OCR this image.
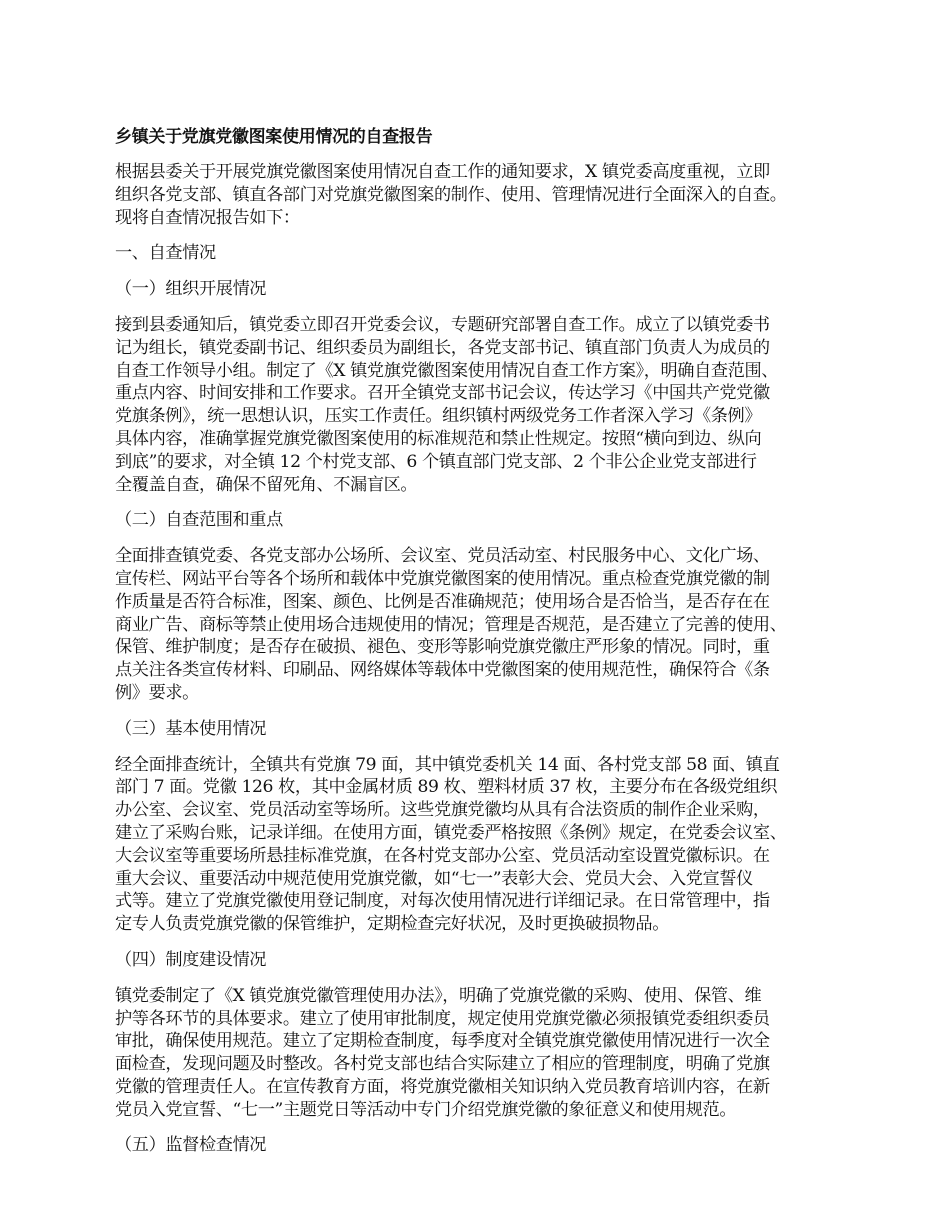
乡镇关于党旗党徽图案使用情况的自查报告
根据县委关于开展党旗党徽图案使用情况自查工作的通知要求，X 镇党委高度重视，立即
组织各党支部、镇直各部门对党旗党徽图案的制作、使用、管理情况进行全面深入的自查。
现将自查情况报告如下：
一、自查情况
（一）组织开展情况
接到县委通知后，镇党委立即召开党委会议，专题研究部署自查工作。成立了以镇党委书
记为组长，镇党委副书记、组织委员为副组长，各党支部书记、镇直部门负责人为成员的
自查工作领导小组。制定了《X 镇党旗党徽图案使用情况自查工作方案》，明确自查范围、
重点内容、时间安排和工作要求。召开全镇党支部书记会议，传达学习《中国共产党党徽
党旗条例》，统一思想认识，压实工作责任。组织镇村两级党务工作者深入学习《条例》
具体内容，准确掌握党旗党徽图案使用的标准规范和禁止性规定。按照“横向到边、纵向
到底”的要求，对全镇 12 个村党支部、6 个镇直部门党支部、2 个非公企业党支部进行
全覆盖自查，确保不留死角、不漏盲区。
（二）自查范围和重点
全面排查镇党委、各党支部办公场所、会议室、党员活动室、村民服务中心、文化广场、
宣传栏、网站平台等各个场所和载体中党旗党徽图案的使用情况。重点检查党旗党徽的制
作质量是否符合标准，图案、颜色、比例是否准确规范；使用场合是否恰当，是否存在在
商业广告、商标等禁止使用场合违规使用的情况；管理是否规范，是否建立了完善的使用、
保管、维护制度；是否存在破损、褪色、变形等影响党旗党徽庄严形象的情况。同时，重
点关注各类宣传材料、印刷品、网络媒体等载体中党徽图案的使用规范性，确保符合《条
例》要求。
（三）基本使用情况
经全面排查统计，全镇共有党旗 79 面，其中镇党委机关 14 面、各村党支部 58 面、镇直
部门 7 面。党徽 126 枚，其中金属材质 89 枚、塑料材质 37 枚，主要分布在各级党组织
办公室、会议室、党员活动室等场所。这些党旗党徽均从具有合法资质的制作企业采购，
建立了采购台账，记录详细。在使用方面，镇党委严格按照《条例》规定，在党委会议室、
大会议室等重要场所悬挂标准党旗，在各村党支部办公室、党员活动室设置党徽标识。在
重大会议、重要活动中规范使用党旗党徽，如“七一”表彰大会、党员大会、入党宣誓仪
式等。建立了党旗党徽使用登记制度，对每次使用情况进行详细记录。在日常管理中，指
定专人负责党旗党徽的保管维护，定期检查完好状况，及时更换破损物品。
（四）制度建设情况
镇党委制定了《X 镇党旗党徽管理使用办法》，明确了党旗党徽的采购、使用、保管、维
护等各环节的具体要求。建立了使用审批制度，规定使用党旗党徽必须报镇党委组织委员
审批，确保使用规范。建立了定期检查制度，每季度对全镇党旗党徽使用情况进行一次全
面检查，发现问题及时整改。各村党支部也结合实际建立了相应的管理制度，明确了党旗
党徽的管理责任人。在宣传教育方面，将党旗党徽相关知识纳入党员教育培训内容，在新
党员入党宣誓、“七一”主题党日等活动中专门介绍党旗党徽的象征意义和使用规范。
（五）监督检查情况
